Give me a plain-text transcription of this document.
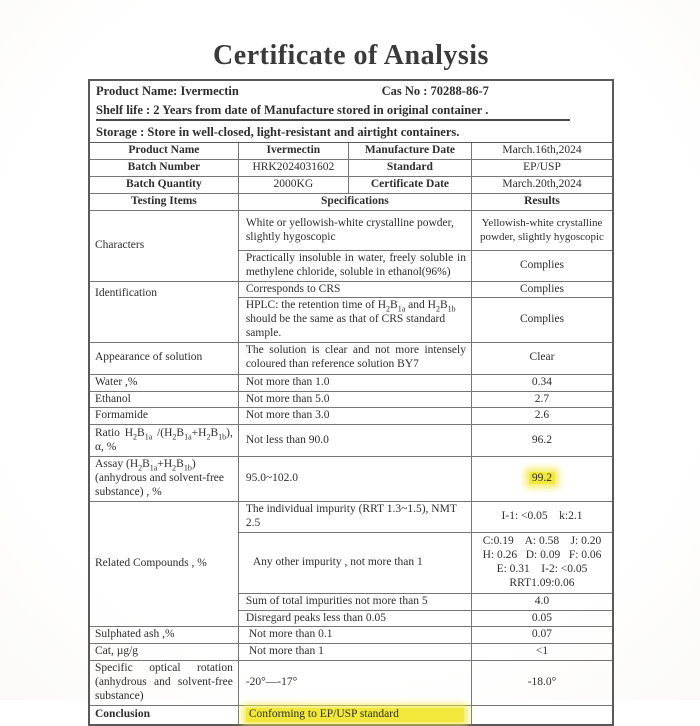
Certificate of Analysis
Product Name: Ivermectin Cas No : 70288-86-7			

Shelf life : 2 Years from date of Manufacture stored in original container .			
Storage : Store in well-closed, light-resistant and airtight containers.			
Product Name	Ivermectin	Manufacture Date	March.16th,2024
Batch Number	HRK2024031602	Standard	EP/USP
Batch Quantity	2000KG	Certificate Date	March.20th,2024
Testing Items	Specifications		Results
Characters	White or yellowish-white crystalline powder, slightly hygoscopic		Yellowish-white crystalline powder, slightly hygoscopic
	Practically insoluble in water, freely soluble in methylene chloride, soluble in ethanol(96%)		Complies
Identification	Corresponds to CRS		Complies
	HPLC: the retention time of $H_2B_{1a}$ and $H_2B_{1b}$ should be the same as that of CRS standard sample.		Complies
Appearance of solution	The solution is clear and not more intensely coloured than reference solution BY7		Clear
Water ,%	Not more than 1.0		0.34
Ethanol	Not more than 5.0		2.7
Formamide	Not more than 3.0		2.6
Ratio $H_2B_{1a}$ $/(H_2B_{1a}+H_2B_{1b})$, α, %	Not less than 90.0		96.2
Assay $(H_2B_{1a}+H_2B_{1b})$ (anhydrous and solvent-free substance) , %	95.0~102.0		99.2
Related Compounds , %	The individual impurity (RRT 1.3~1.5), NMT 2.5		I-1: <0.05    k:2.1
	Any other impurity , not more than 1		C:0.19    A: 0.58    J: 0.20
H: 0.26   D: 0.09   F: 0.06
E: 0.31    I-2: <0.05
RRT1.09:0.06

	Sum of total impurities not more than 5		4.0
	Disregard peaks less than 0.05		0.05
Sulphated ash ,%	Not more than 0.1		0.07
Cat, µg/g	Not more than 1		<1
Specific optical rotation (anhydrous and solvent-free substance)	-20°—-17°		-18.0°
Conclusion	Conforming to EP/USP standard		
